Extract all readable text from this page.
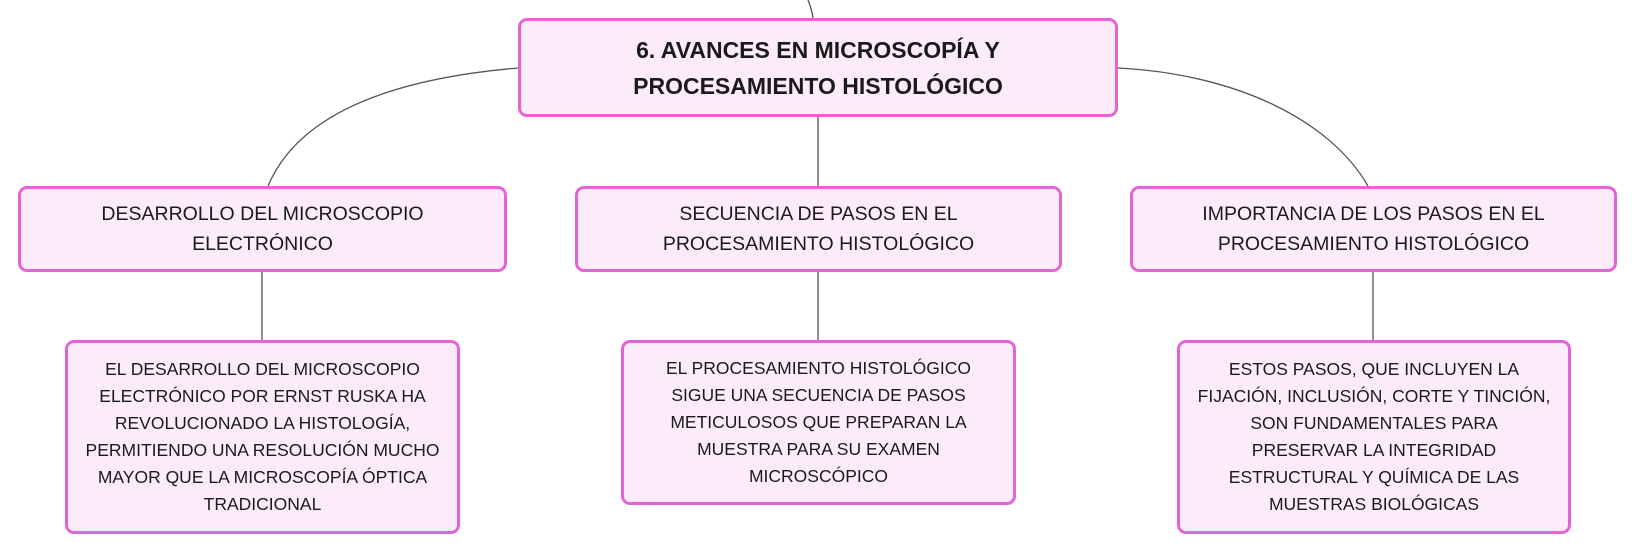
6. AVANCES EN MICROSCOPÍA Y PROCESAMIENTO HISTOLÓGICO
DESARROLLO DEL MICROSCOPIO ELECTRÓNICO
SECUENCIA DE PASOS EN EL PROCESAMIENTO HISTOLÓGICO
IMPORTANCIA DE LOS PASOS EN EL PROCESAMIENTO HISTOLÓGICO
EL DESARROLLO DEL MICROSCOPIO ELECTRÓNICO POR ERNST RUSKA HA REVOLUCIONADO LA HISTOLOGÍA, PERMITIENDO UNA RESOLUCIÓN MUCHO MAYOR QUE LA MICROSCOPÍA ÓPTICA TRADICIONAL
EL PROCESAMIENTO HISTOLÓGICO SIGUE UNA SECUENCIA DE PASOS METICULOSOS QUE PREPARAN LA MUESTRA PARA SU EXAMEN MICROSCÓPICO
ESTOS PASOS, QUE INCLUYEN LA FIJACIÓN, INCLUSIÓN, CORTE Y TINCIÓN, SON FUNDAMENTALES PARA PRESERVAR LA INTEGRIDAD ESTRUCTURAL Y QUÍMICA DE LAS MUESTRAS BIOLÓGICAS
